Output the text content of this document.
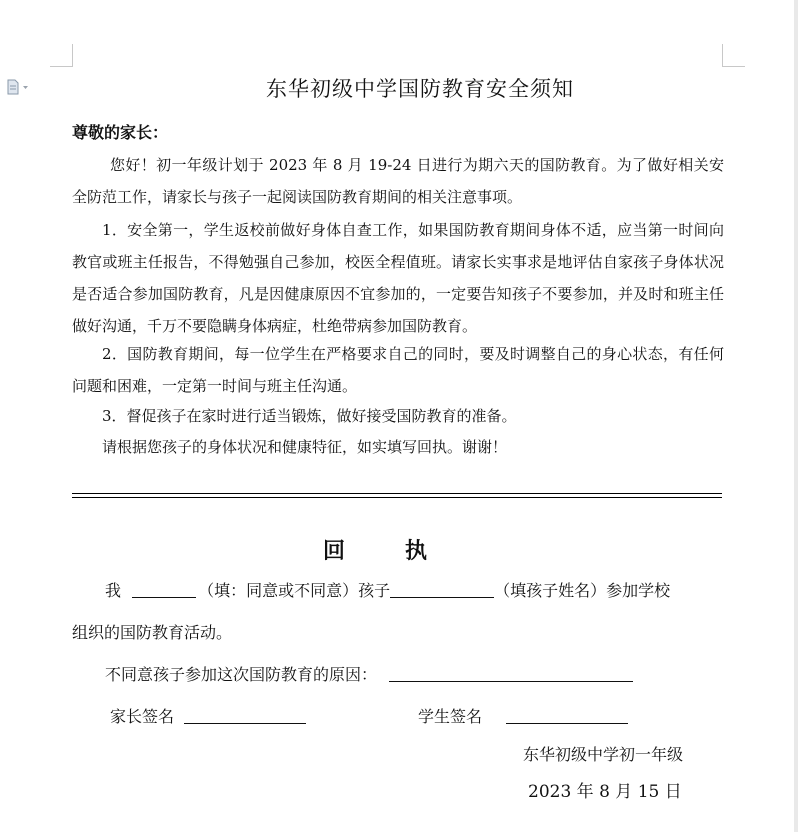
东华初级中学国防教育安全须知
尊敬的家长：
您好！初一年级计划于 2023 年 8 月 19-24 日进行为期六天的国防教育。为了做好相关安全防范工作，请家长与孩子一起阅读国防教育期间的相关注意事项。
1．安全第一，学生返校前做好身体自查工作，如果国防教育期间身体不适，应当第一时间向教官或班主任报告，不得勉强自己参加，校医全程值班。请家长实事求是地评估自家孩子身体状况是否适合参加国防教育，凡是因健康原因不宜参加的，一定要告知孩子不要参加，并及时和班主任做好沟通，千万不要隐瞒身体病症，杜绝带病参加国防教育。
2．国防教育期间，每一位学生在严格要求自己的同时，要及时调整自己的身心状态，有任何问题和困难，一定第一时间与班主任沟通。
3．督促孩子在家时进行适当锻炼，做好接受国防教育的准备。
请根据您孩子的身体状况和健康特征，如实填写回执。谢谢！
回执
我	（填：同意或不同意）孩子	（填孩子姓名）参加学校
组织的国防教育活动。
不同意孩子参加这次国防教育的原因：
家长签名	学生签名
东华初级中学初一年级
2023 年 8 月 15 日
